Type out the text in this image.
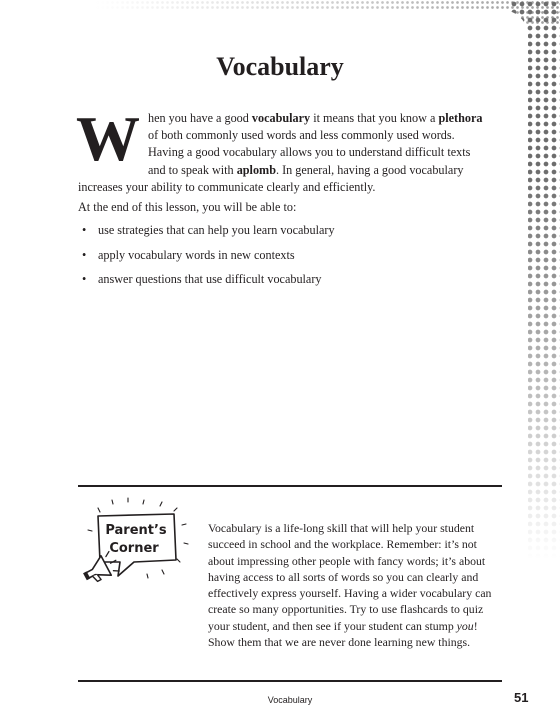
Vocabulary

When you have a good vocabulary it means that you know a plethora of both commonly used words and less commonly used words. Having a good vocabulary allows you to understand difficult texts and to speak with aplomb. In general, having a good vocabulary increases your ability to communicate clearly and efficiently.

At the end of this lesson, you will be able to:

• use strategies that can help you learn vocabulary
• apply vocabulary words in new contexts
• answer questions that use difficult vocabulary
Parent’s
Corner

Vocabulary is a life-long skill that will help your student succeed in school and the workplace. Remember: it’s not about impressing other people with fancy words; it’s about having access to all sorts of words so you can clearly and effectively express yourself. Having a wider vocabulary can create so many opportunities. Try to use flashcards to quiz your student, and then see if your student can stump you! Show them that we are never done learning new things.

Vocabulary	51
